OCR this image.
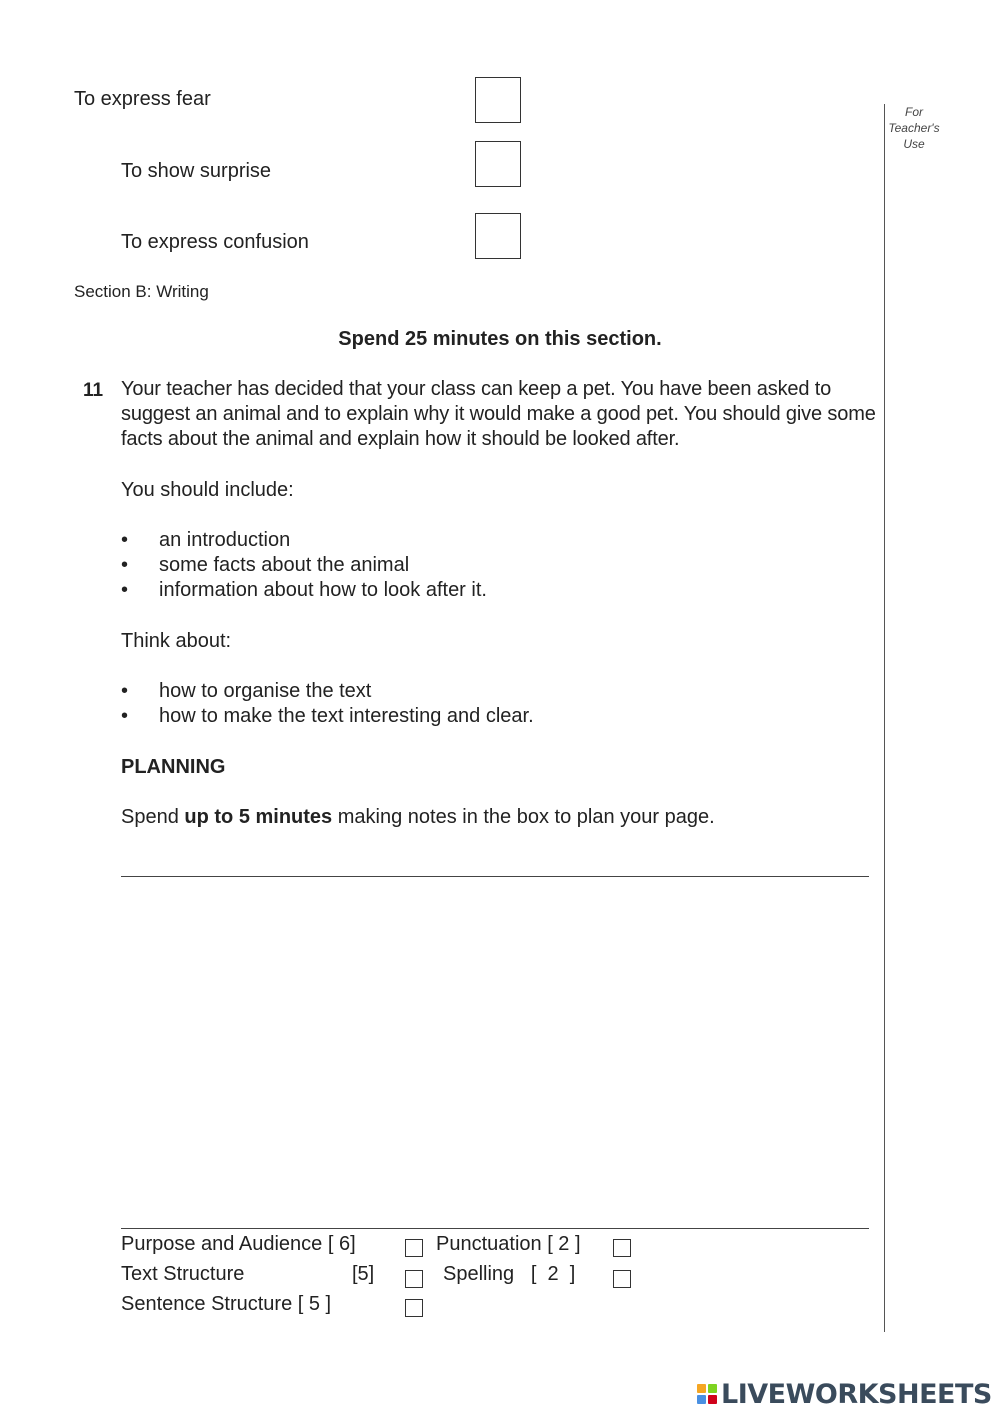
To express fear
To show surprise
To express confusion
For Teacher's Use
Section B: Writing
Spend 25 minutes on this section.
11 Your teacher has decided that your class can keep a pet. You have been asked to suggest an animal and to explain why it would make a good pet. You should give some facts about the animal and explain how it should be looked after.
You should include:
• an introduction
• some facts about the animal
• information about how to look after it.
Think about:
• how to organise the text
• how to make the text interesting and clear.
PLANNING
Spend up to 5 minutes making notes in the box to plan your page.
Purpose and Audience [ 6]	Punctuation [ 2 ]
Text Structure	[5]	Spelling   [  2  ]
Sentence Structure [ 5 ]
LIVEWORKSHEETS
